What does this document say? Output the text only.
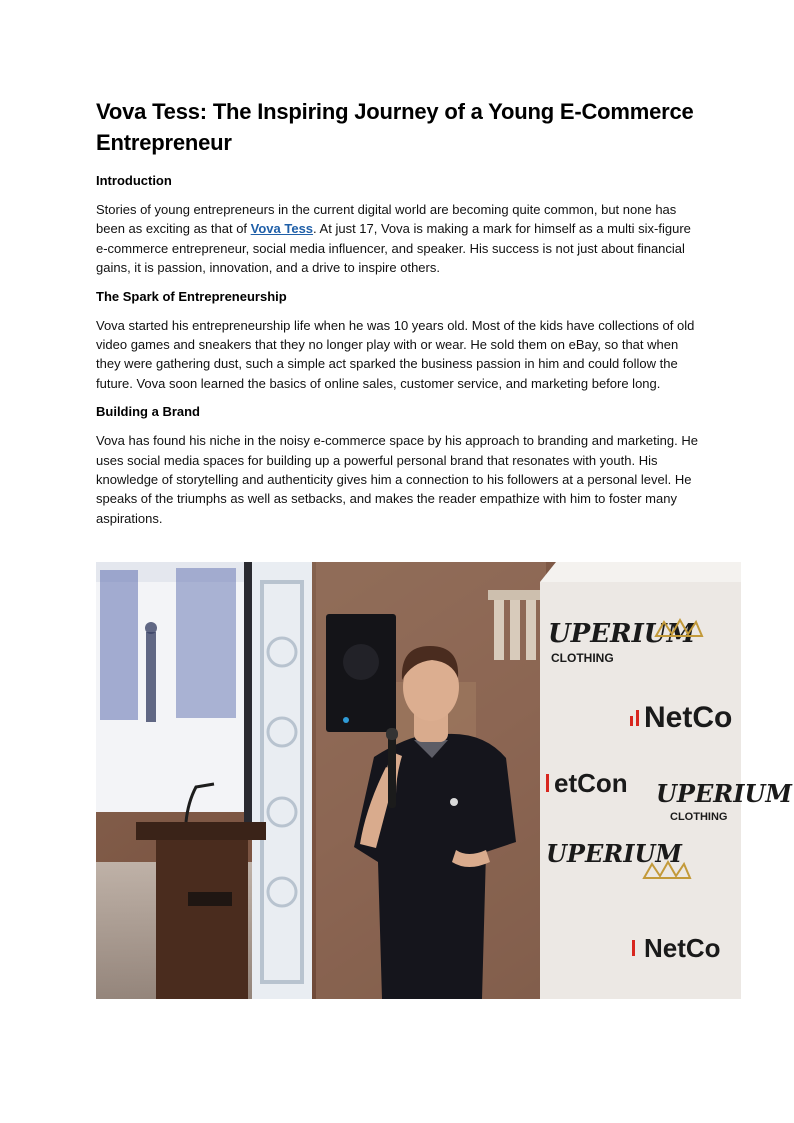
Vova Tess: The Inspiring Journey of a Young E-Commerce Entrepreneur
Introduction

Stories of young entrepreneurs in the current digital world are becoming quite common, but none has been as exciting as that of Vova Tess. At just 17, Vova is making a mark for himself as a multi six-figure e-commerce entrepreneur, social media influencer, and speaker. His success is not just about financial gains, it is passion, innovation, and a drive to inspire others.

The Spark of Entrepreneurship

Vova started his entrepreneurship life when he was 10 years old. Most of the kids have collections of old video games and sneakers that they no longer play with or wear. He sold them on eBay, so that when they were gathering dust, such a simple act sparked the business passion in him and could follow the future. Vova soon learned the basics of online sales, customer service, and marketing before long.

Building a Brand

Vova has found his niche in the noisy e-commerce space by his approach to branding and marketing. He uses social media spaces for building up a powerful personal brand that resonates with youth. His knowledge of storytelling and authenticity gives him a connection to his followers at a personal level. He speaks of the triumphs as well as setbacks, and makes the reader empathize with him to foster many aspirations.

UPERIUM
CLOTHING
NetCo
etCon UPERIUM
CLOTHING
UPERIUM
NetCo
